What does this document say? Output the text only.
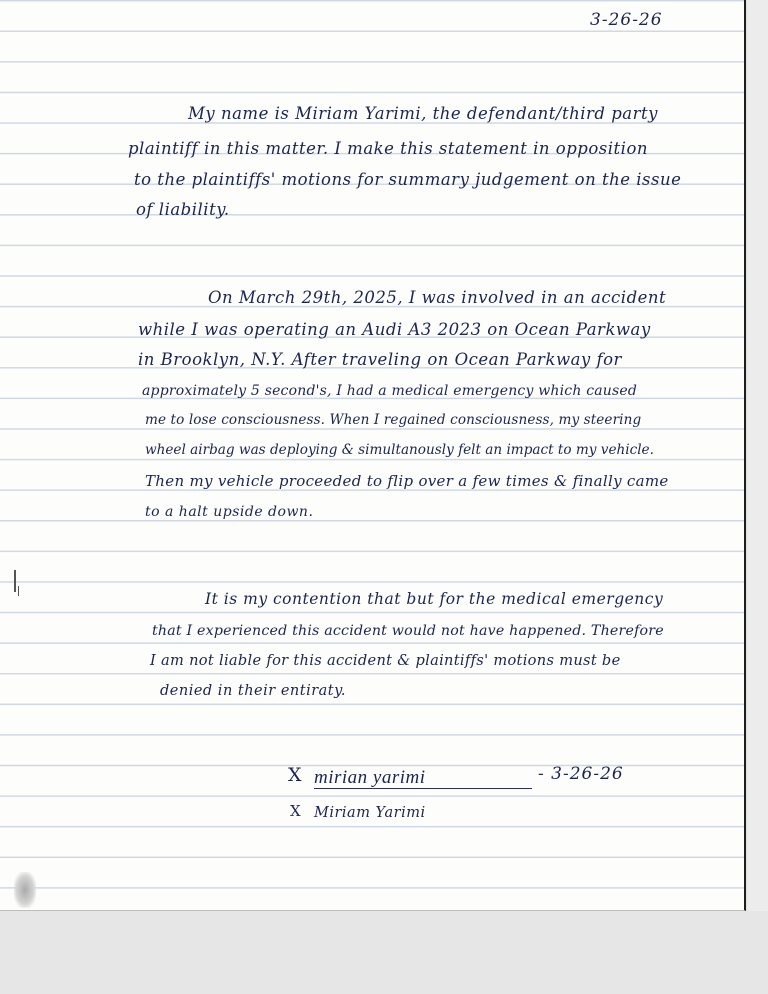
3-26-26
My name is Miriam Yarimi, the defendant/third party
plaintiff in this matter. I make this statement in opposition
to the plaintiffs' motions for summary judgement on the issue
of liability.
On March 29th, 2025, I was involved in an accident
while I was operating an Audi A3 2023 on Ocean Parkway
in Brooklyn, N.Y. After traveling on Ocean Parkway for
approximately 5 second's, I had a medical emergency which caused
me to lose consciousness. When I regained consciousness, my steering
wheel airbag was deploying & simultanously felt an impact to my vehicle.
Then my vehicle proceeded to flip over a few times & finally came
to a halt upside down.
It is my contention that but for the medical emergency
that I experienced this accident would not have happened. Therefore
I am not liable for this accident & plaintiffs' motions must be
denied in their entiraty.
X mirian yarimi	- 3-26-26
X Miriam Yarimi
